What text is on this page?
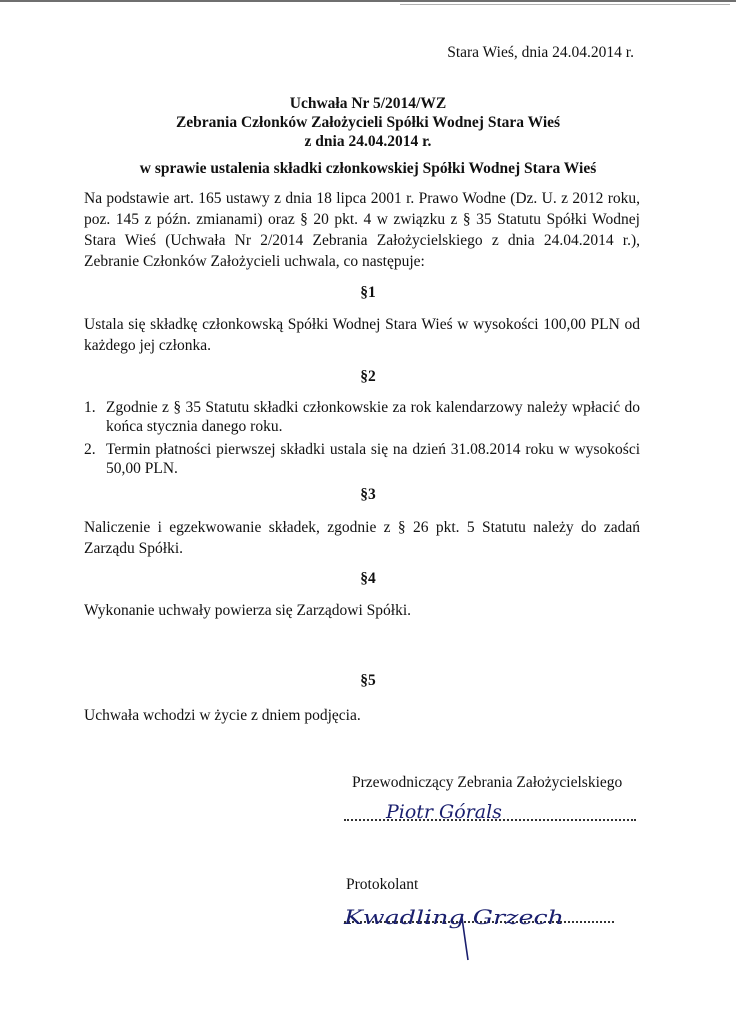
Stara Wieś, dnia 24.04.2014 r.
Uchwała Nr 5/2014/WZ
Zebrania Członków Założycieli Spółki Wodnej Stara Wieś
z dnia 24.04.2014 r.
w sprawie ustalenia składki członkowskiej Spółki Wodnej Stara Wieś
Na podstawie art. 165 ustawy z dnia 18 lipca 2001 r. Prawo Wodne (Dz. U. z 2012 roku, poz. 145 z późn. zmianami) oraz § 20 pkt. 4 w związku z § 35 Statutu Spółki Wodnej Stara Wieś (Uchwała Nr 2/2014 Zebrania Założycielskiego z dnia 24.04.2014 r.), Zebranie Członków Założycieli uchwala, co następuje:
§1
Ustala się składkę członkowską Spółki Wodnej Stara Wieś w wysokości 100,00 PLN od każdego jej członka.
§2
1. Zgodnie z § 35 Statutu składki członkowskie za rok kalendarzowy należy wpłacić do końca stycznia danego roku.
2. Termin płatności pierwszej składki ustala się na dzień 31.08.2014 roku w wysokości 50,00 PLN.
§3
Naliczenie i egzekwowanie składek, zgodnie z § 26 pkt. 5 Statutu należy do zadań Zarządu Spółki.
§4
Wykonanie uchwały powierza się Zarządowi Spółki.
§5
Uchwała wchodzi w życie z dniem podjęcia.
Przewodniczący Zebrania Założycielskiego
Piotr Górals
Protokolant
Kwadling Grzech
